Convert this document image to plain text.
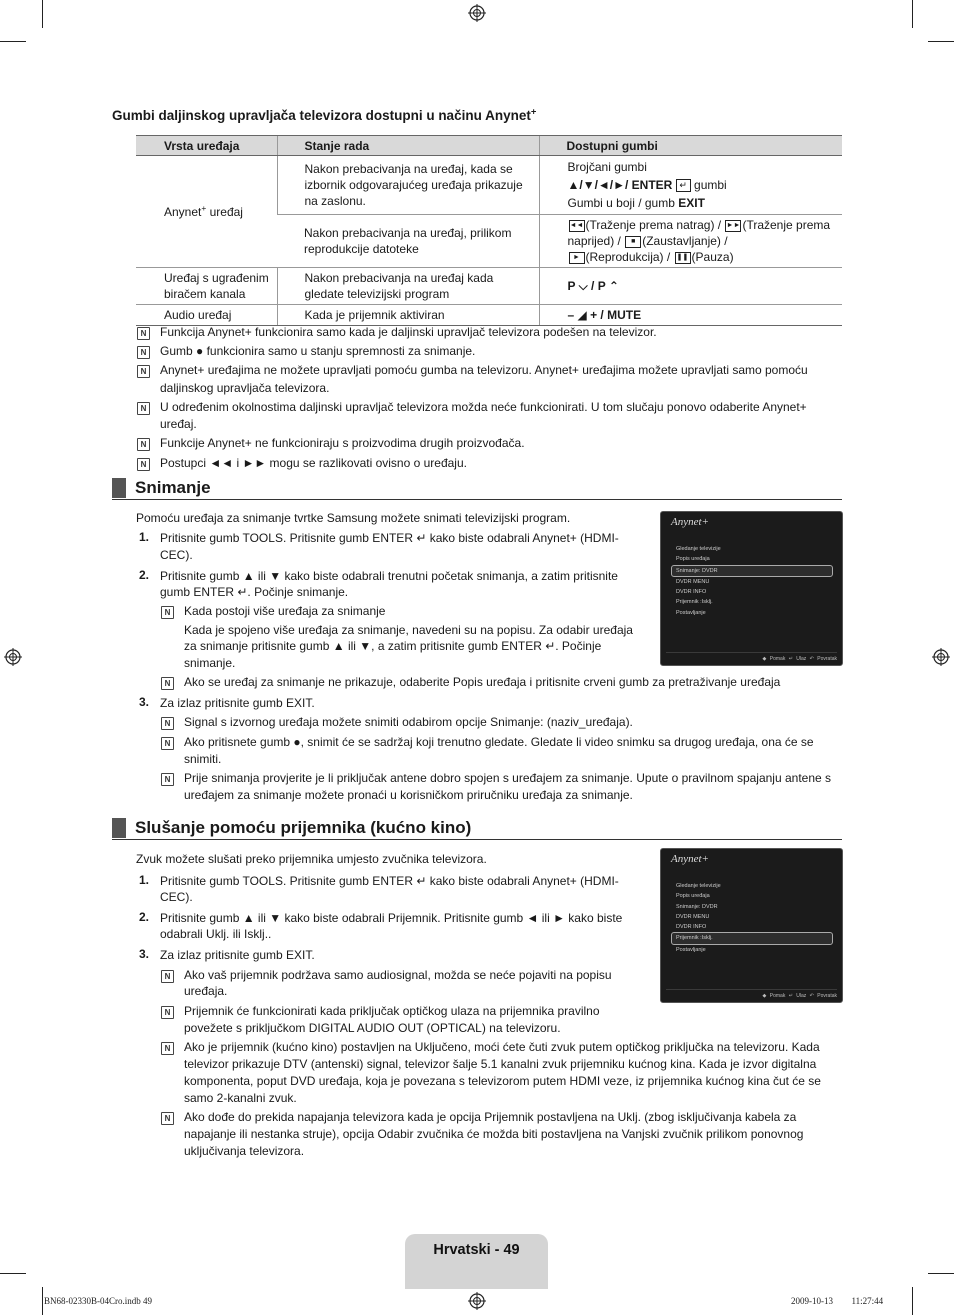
Gumbi daljinskog upravljača televizora dostupni u načinu Anynet+
Vrsta uređaja	Stanje rada	Dostupni gumbi
Anynet+ uređaj	Nakon prebacivanja na uređaj, kada se izbornik odgovarajućeg uređaja prikazuje na zaslonu.	Brojčani gumbi
▲/▼/◄/►/ ENTER ↵ gumbi
Gumbi u boji / gumb EXIT

	Nakon prebacivanja na uređaj, prilikom reprodukcije datoteke	◄◄ (Traženje prema natrag) / ►► (Traženje prema naprijed) / ■ (Zaustavljanje) /
► (Reprodukcija) / ❚❚ (Pauza)
Uređaj s ugrađenim biračem kanala	Nakon prebacivanja na uređaj kada gledate televizijski program	P ⌵ / P ⌃
Audio uređaj	Kada je prijemnik aktiviran	– ◢ + / MUTE
N
Funkcija Anynet+ funkcionira samo kada je daljinski upravljač televizora podešen na televizor.
N
Gumb ● funkcionira samo u stanju spremnosti za snimanje.
N
Anynet+ uređajima ne možete upravljati pomoću gumba na televizoru. Anynet+ uređajima možete upravljati samo pomoću
daljinskog upravljača televizora.
N
U određenim okolnostima daljinski upravljač televizora možda neće funkcionirati. U tom slučaju ponovo odaberite Anynet+
uređaj.
N
Funkcije Anynet+ ne funkcioniraju s proizvodima drugih proizvođača.
N
Postupci ◄◄ i ►► mogu se razlikovati ovisno o uređaju.
Snimanje
Pomoću uređaja za snimanje tvrtke Samsung možete snimati televizijski program.
1. Pritisnite gumb TOOLS. Pritisnite gumb ENTER ↵ kako biste odabrali Anynet+ (HDMI-
CEC).
2. Pritisnite gumb ▲ ili ▼ kako biste odabrali trenutni početak snimanja, a zatim pritisnite
gumb ENTER ↵. Počinje snimanje.
N
Kada postoji više uređaja za snimanje
Kada je spojeno više uređaja za snimanje, navedeni su na popisu. Za odabir uređaja
za snimanje pritisnite gumb ▲ ili ▼, a zatim pritisnite gumb ENTER ↵. Počinje
snimanje.
N
Ako se uređaj za snimanje ne prikazuje, odaberite Popis uređaja i pritisnite crveni gumb za pretraživanje uređaja
3. Za izlaz pritisnite gumb EXIT.
N
Signal s izvornog uređaja možete snimiti odabirom opcije Snimanje: (naziv_uređaja).
N
Ako pritisnete gumb ●, snimit će se sadržaj koji trenutno gledate. Gledate li video snimku sa drugog uređaja, ona će se
snimiti.
N
Prije snimanja provjerite je li priključak antene dobro spojen s uređajem za snimanje. Upute o pravilnom spajanju antene s
uređajem za snimanje možete pronaći u korisničkom priručniku uređaja za snimanje.
Anynet+
Gledanje televizije
Popis uređaja
Snimanje: DVDR
DVDR MENU
DVDR INFO
Prijemnik :Isklj.
Postavljanje
◆ Pomak ↵ Ulaz ↶ Povratak
Slušanje pomoću prijemnika (kućno kino)
Zvuk možete slušati preko prijemnika umjesto zvučnika televizora.
1. Pritisnite gumb TOOLS. Pritisnite gumb ENTER ↵ kako biste odabrali Anynet+ (HDMI-
CEC).
2. Pritisnite gumb ▲ ili ▼ kako biste odabrali Prijemnik. Pritisnite gumb ◄ ili ► kako biste
odabrali Uklj. ili Isklj..
3. Za izlaz pritisnite gumb EXIT.
N
Ako vaš prijemnik podržava samo audiosignal, možda se neće pojaviti na popisu
uređaja.
N
Prijemnik će funkcionirati kada priključak optičkog ulaza na prijemnika pravilno
povežete s priključkom DIGITAL AUDIO OUT (OPTICAL) na televizoru.
N
Ako je prijemnik (kućno kino) postavljen na Uključeno, moći ćete čuti zvuk putem optičkog priključka na televizoru. Kada
televizor prikazuje DTV (antenski) signal, televizor šalje 5.1 kanalni zvuk prijemniku kućnog kina. Kada je izvor digitalna
komponenta, poput DVD uređaja, koja je povezana s televizorom putem HDMI veze, iz prijemnika kućnog kina čut će se
samo 2-kanalni zvuk.
N
Ako dođe do prekida napajanja televizora kada je opcija Prijemnik postavljena na Uklj. (zbog isključivanja kabela za
napajanje ili nestanka struje), opcija Odabir zvučnika će možda biti postavljena na Vanjski zvučnik prilikom ponovnog
uključivanja televizora.
Anynet+
Gledanje televizije
Popis uređaja
Snimanje: DVDR
DVDR MENU
DVDR INFO
Prijemnik :Isklj.
Postavljanje
◆ Pomak ↵ Ulaz ↶ Povratak
Hrvatski - 49
BN68-02330B-04Cro.indb 49	2009-10-13 ￿￿ 11:27:44
